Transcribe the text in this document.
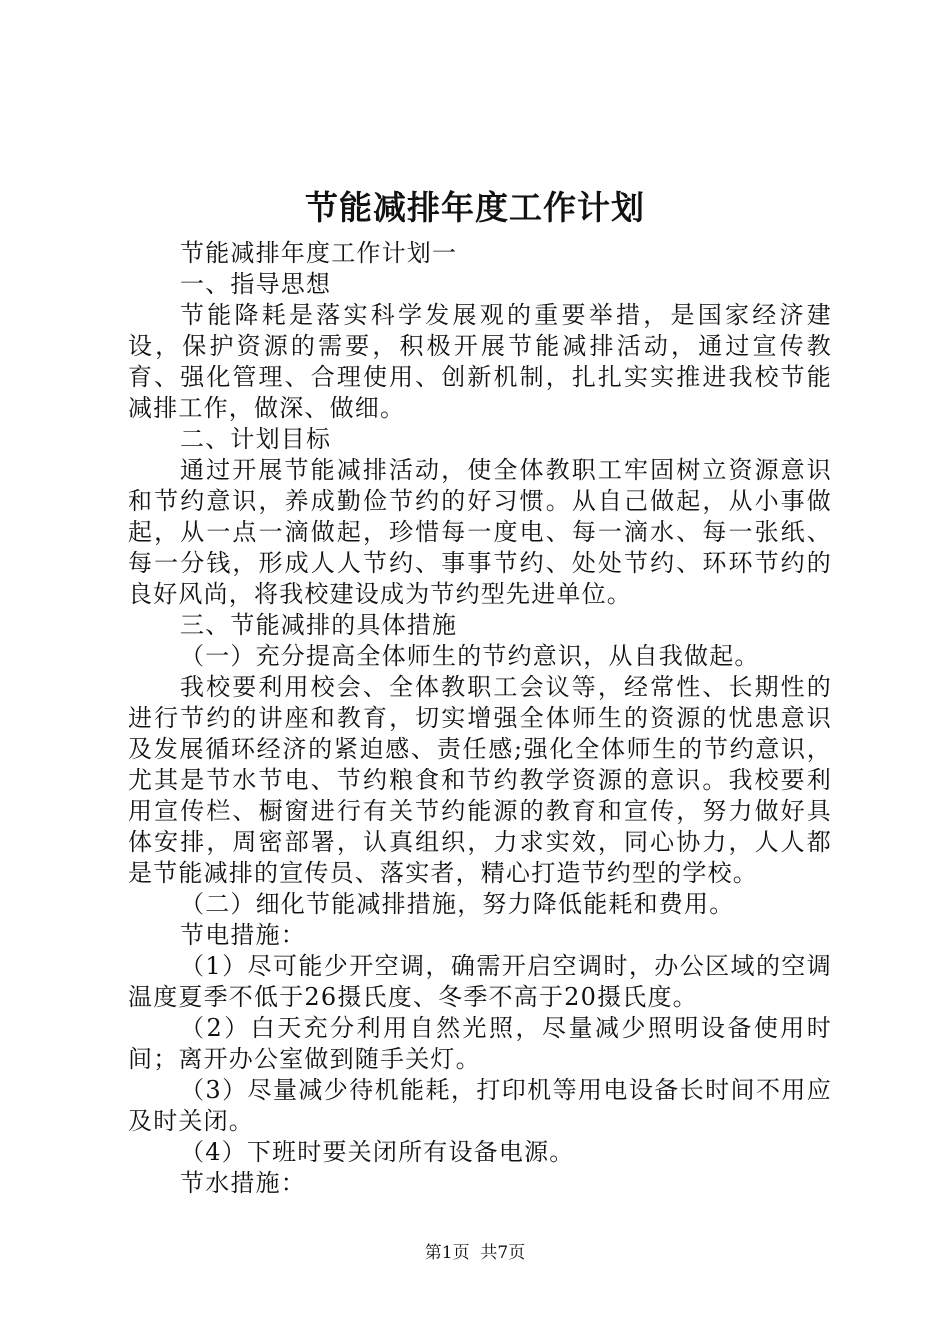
节能减排年度工作计划

节能减排年度工作计划一

一、指导思想

节能降耗是落实科学发展观的重要举措，是国家经济建设，保护资源的需要，积极开展节能减排活动，通过宣传教育、强化管理、合理使用、创新机制，扎扎实实推进我校节能减排工作，做深、做细。

二、计划目标

通过开展节能减排活动，使全体教职工牢固树立资源意识和节约意识，养成勤俭节约的好习惯。从自己做起，从小事做起，从一点一滴做起，珍惜每一度电、每一滴水、每一张纸、每一分钱，形成人人节约、事事节约、处处节约、环环节约的良好风尚，将我校建设成为节约型先进单位。

三、节能减排的具体措施

（一）充分提高全体师生的节约意识，从自我做起。

我校要利用校会、全体教职工会议等，经常性、长期性的进行节约的讲座和教育，切实增强全体师生的资源的忧患意识及发展循环经济的紧迫感、责任感;强化全体师生的节约意识，尤其是节水节电、节约粮食和节约教学资源的意识。我校要利用宣传栏、橱窗进行有关节约能源的教育和宣传，努力做好具体安排，周密部署，认真组织，力求实效，同心协力，人人都是节能减排的宣传员、落实者，精心打造节约型的学校。

（二）细化节能减排措施，努力降低能耗和费用。

节电措施：

（1）尽可能少开空调，确需开启空调时，办公区域的空调温度夏季不低于26摄氏度、冬季不高于20摄氏度。

（2）白天充分利用自然光照，尽量减少照明设备使用时间；离开办公室做到随手关灯。

（3）尽量减少待机能耗，打印机等用电设备长时间不用应及时关闭。

（4）下班时要关闭所有设备电源。

节水措施：

第1页 共7页
